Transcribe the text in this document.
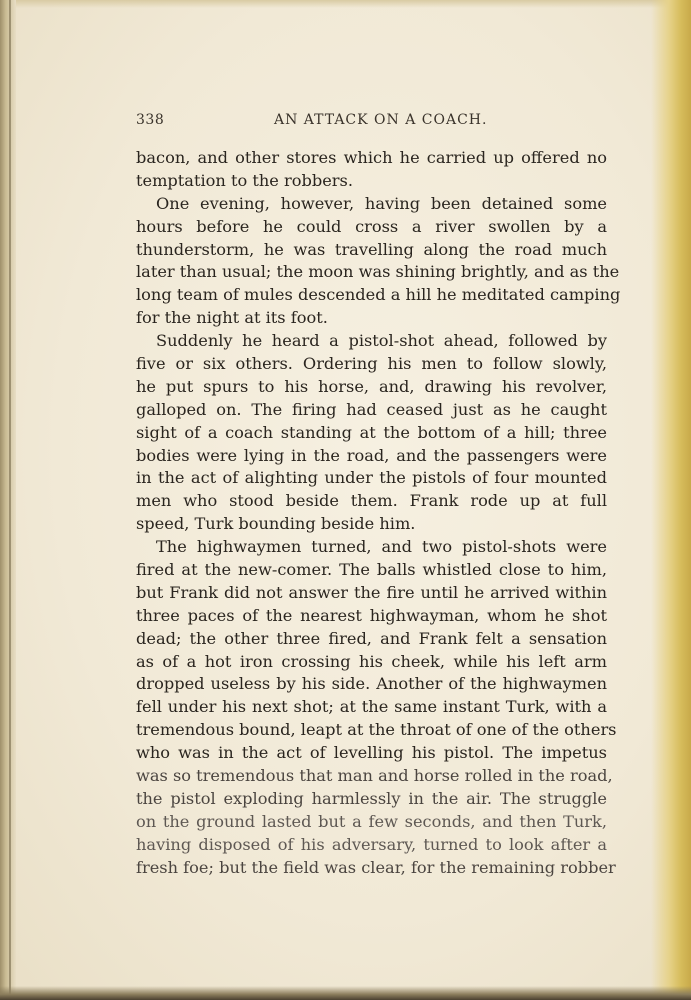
338	AN ATTACK ON A COACH.
bacon, and other stores which he carried up offered no
temptation to the robbers.
One evening, however, having been detained some
hours before he could cross a river swollen by a
thunderstorm, he was travelling along the road much
later than usual; the moon was shining brightly, and as the
long team of mules descended a hill he meditated camping
for the night at its foot.
Suddenly he heard a pistol-shot ahead, followed by
five or six others. Ordering his men to follow slowly,
he put spurs to his horse, and, drawing his revolver,
galloped on. The firing had ceased just as he caught
sight of a coach standing at the bottom of a hill; three
bodies were lying in the road, and the passengers were
in the act of alighting under the pistols of four mounted
men who stood beside them. Frank rode up at full
speed, Turk bounding beside him.
The highwaymen turned, and two pistol-shots were
fired at the new-comer. The balls whistled close to him,
but Frank did not answer the fire until he arrived within
three paces of the nearest highwayman, whom he shot
dead; the other three fired, and Frank felt a sensation
as of a hot iron crossing his cheek, while his left arm
dropped useless by his side. Another of the highwaymen
fell under his next shot; at the same instant Turk, with a
tremendous bound, leapt at the throat of one of the others
who was in the act of levelling his pistol. The impetus
was so tremendous that man and horse rolled in the road,
the pistol exploding harmlessly in the air. The struggle
on the ground lasted but a few seconds, and then Turk,
having disposed of his adversary, turned to look after a
fresh foe; but the field was clear, for the remaining robber
